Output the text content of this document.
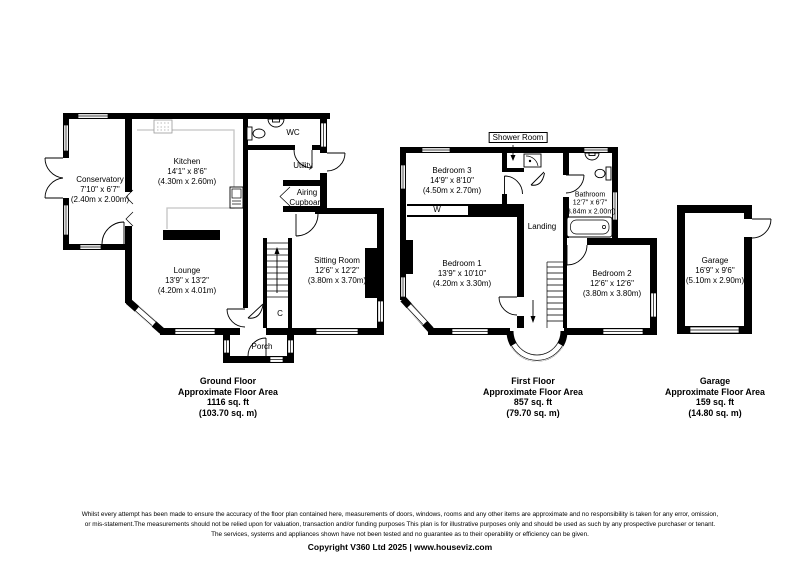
Conservatory
7'10" x 6'7"
(2.40m x 2.00m)
Kitchen
14'1" x 8'6"
(4.30m x 2.60m)
Lounge
13'9" x 13'2"
(4.20m x 4.01m)
WC
Utility
Airing
Cupboard
Sitting Room
12'6" x 12'2"
(3.80m x 3.70m)
C
Porch
Shower Room
Bedroom 3
14'9" x 8'10"
(4.50m x 2.70m)
W
Bedroom 1
13'9" x 10'10"
(4.20m x 3.30m)
Landing
Bathroom
12'7" x 6'7"
(3.84m x 2.00m)
Bedroom 2
12'6" x 12'6"
(3.80m x 3.80m)
Garage
16'9" x 9'6"
(5.10m x 2.90m)
Ground Floor
Approximate Floor Area
1116 sq. ft
(103.70 sq. m)
First Floor
Approximate Floor Area
857 sq. ft
(79.70 sq. m)
Garage
Approximate Floor Area
159 sq. ft
(14.80 sq. m)
Whilst every attempt has been made to ensure the accuracy of the floor plan contained here, measurements of doors, windows, rooms and any other items are approximate and no responsibility is taken for any error, omission,
or mis-statement.The measurements should not be relied upon for valuation, transaction and/or funding purposes This plan is for illustrative purposes only and should be used as such by any prospective purchaser or tenant.
The services, systems and appliances shown have not been tested and no guarantee as to their operability or efficiency can be given.
Copyright V360 Ltd 2025 | www.houseviz.com
